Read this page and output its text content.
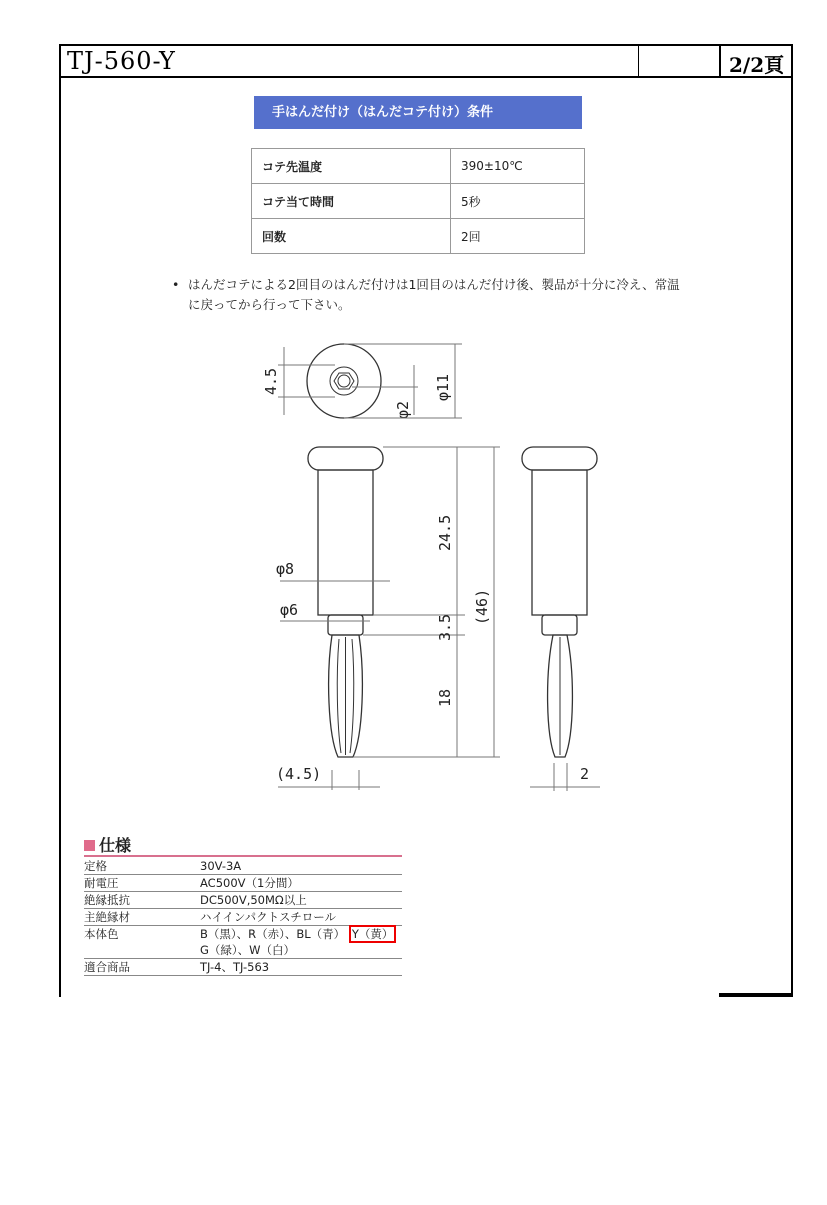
TJ-560-Y	2/2頁
手はんだ付け（はんだコテ付け）条件
コテ先温度	390±10℃
コテ当て時間	5秒
回数	2回
• はんだコテによる2回目のはんだ付けは1回目のはんだ付け後、製品が十分に冷え、常温に戻ってから行って下さい。
4.5
φ2
φ11
24.5
3.5
18
(46)
φ8
φ6
(4.5)	2
仕様
定格	30V-3A
耐電圧	AC500V（1分間）
絶縁抵抗	DC500V,50MΩ以上
主絶縁材	ハイインパクトスチロール
本体色	B（黒）、R（赤）、BL（青） Y（黄） G（緑）、W（白）
適合商品	TJ-4、TJ-563
